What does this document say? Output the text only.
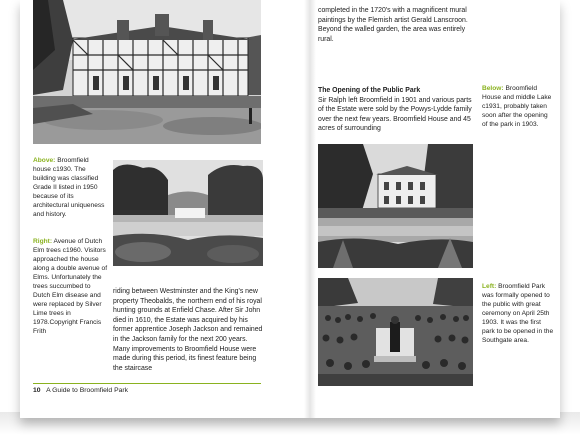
Above: Broomfield house c1930. The building was classified Grade II listed in 1950 because of its architectural uniqueness and history.
Right: Avenue of Dutch Elm trees c1960. Visitors approached the house along a double avenue of Elms. Unfortunately the trees succumbed to Dutch Elm disease and were replaced by Silver Lime trees in 1978.Copyright Francis Frith
riding between Westminster and the King's new property Theobalds, the northern end of his royal hunting grounds at Enfield Chase. After Sir John died in 1610, the Estate was acquired by his former apprentice Joseph Jackson and remained in the Jackson family for the next 200 years. Many improvements to Broomfield House were made during this period, its finest feature being the staircase
10 A Guide to Broomfield Park
completed in the 1720's with a magnificent mural paintings by the Flemish artist Gerald Lanscroon. Beyond the walled garden, the area was entirely rural.
The Opening of the Public Park
Sir Ralph left Broomfield in 1901 and various parts of the Estate were sold by the Powys-Lydde family over the next few years. Broomfield House and 45 acres of surrounding
Below: Broomfield House and middle Lake c1931, probably taken soon after the opening of the park in 1903.
Left: Broomfield Park was formally opened to the public with great ceremony on April 25th 1903. It was the first park to be opened in the Southgate area.
